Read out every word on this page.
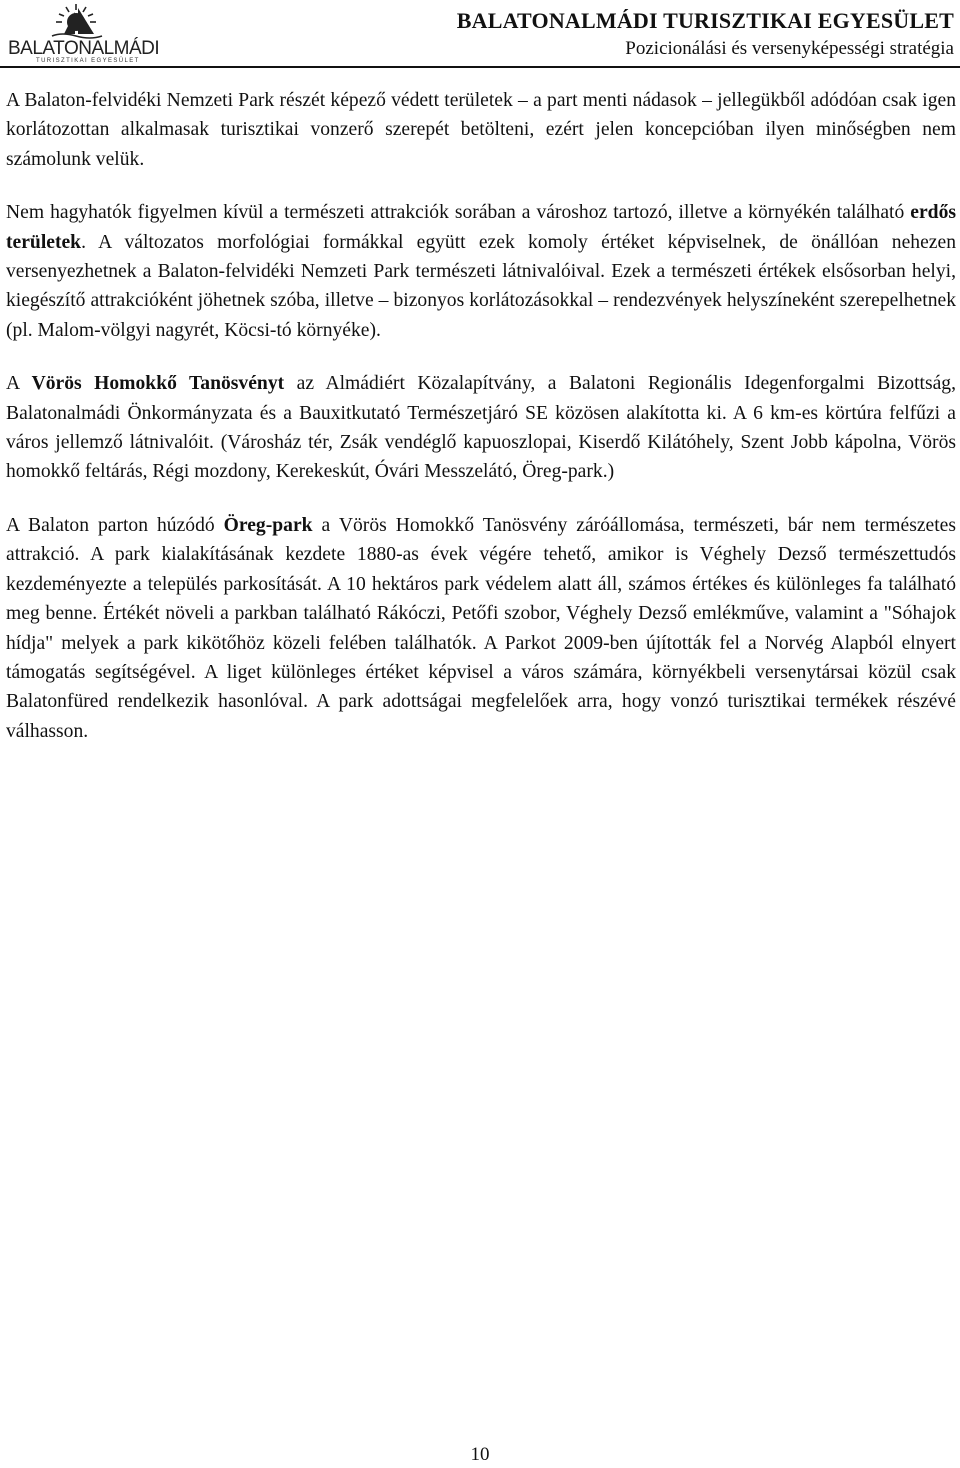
BALATONALMÁDI
TURISZTIKAI EGYESÜLET
BALATONALMÁDI TURISZTIKAI EGYESÜLET
Pozicionálási és versenyképességi stratégia

A Balaton-felvidéki Nemzeti Park részét képező védett területek – a part menti nádasok – jellegükből adódóan csak igen korlátozottan alkalmasak turisztikai vonzerő szerepét betölteni, ezért jelen koncepcióban ilyen minőségben nem számolunk velük.

Nem hagyhatók figyelmen kívül a természeti attrakciók sorában a városhoz tartozó, illetve a környékén található erdős területek. A változatos morfológiai formákkal együtt ezek komoly értéket képviselnek, de önállóan nehezen versenyezhetnek a Balaton-felvidéki Nemzeti Park természeti látnivalóival. Ezek a természeti értékek elsősorban helyi, kiegészítő attrakcióként jöhetnek szóba, illetve – bizonyos korlátozásokkal – rendezvények helyszíneként szerepelhetnek (pl. Malom-völgyi nagyrét, Köcsi-tó környéke).

A Vörös Homokkő Tanösvényt az Almádiért Közalapítvány, a Balatoni Regionális Idegenforgalmi Bizottság, Balatonalmádi Önkormányzata és a Bauxitkutató Természetjáró SE közösen alakította ki. A 6 km-es körtúra felfűzi a város jellemző látnivalóit. (Városház tér, Zsák vendéglő kapuoszlopai, Kiserdő Kilátóhely, Szent Jobb kápolna, Vörös homokkő feltárás, Régi mozdony, Kerekeskút, Óvári Messzelátó, Öreg-park.)

A Balaton parton húzódó Öreg-park a Vörös Homokkő Tanösvény záróállomása, természeti, bár nem természetes attrakció. A park kialakításának kezdete 1880-as évek végére tehető, amikor is Véghely Dezső természettudós kezdeményezte a település parkosítását. A 10 hektáros park védelem alatt áll, számos értékes és különleges fa található meg benne. Értékét növeli a parkban található Rákóczi, Petőfi szobor, Véghely Dezső emlékműve, valamint a "Sóhajok hídja" melyek a park kikötőhöz közeli felében találhatók. A Parkot 2009-ben újították fel a Norvég Alapból elnyert támogatás segítségével. A liget különleges értéket képvisel a város számára, környékbeli versenytársai közül csak Balatonfüred rendelkezik hasonlóval. A park adottságai megfelelőek arra, hogy vonzó turisztikai termékek részévé válhasson.

10
